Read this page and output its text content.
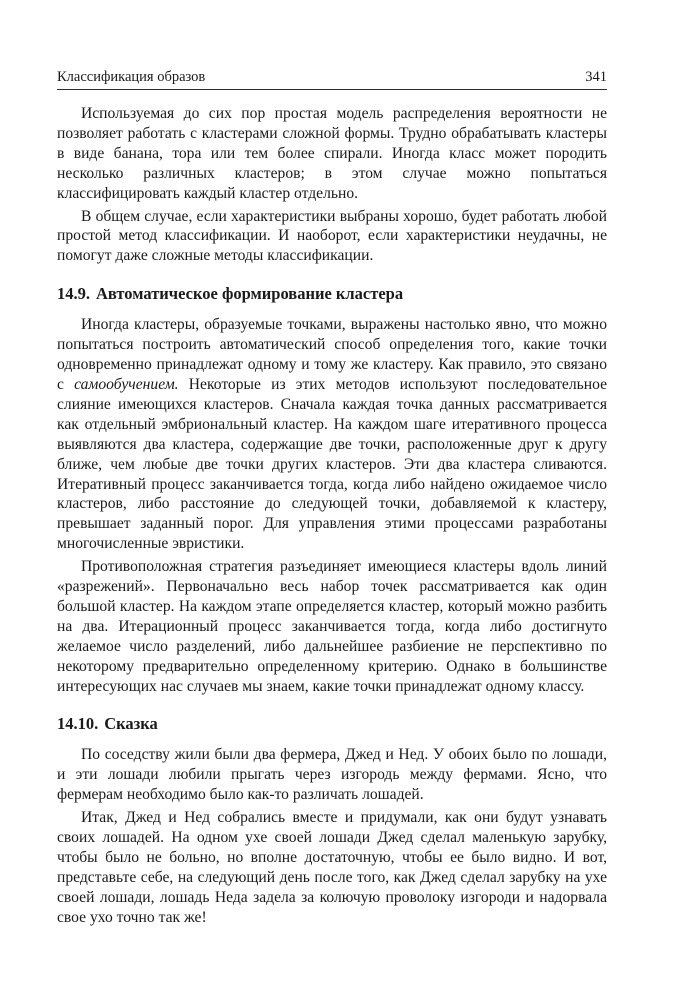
Классификация образов	341

Используемая до сих пор простая модель распределения вероятности не позволяет работать с кластерами сложной формы. Трудно обрабатывать кластеры в виде банана, тора или тем более спирали. Иногда класс может породить несколько различных кластеров; в этом случае можно попытаться классифицировать каждый кластер отдельно.

В общем случае, если характеристики выбраны хорошо, будет работать любой простой метод классификации. И наоборот, если характеристики неудачны, не помогут даже сложные методы классификации.

14.9. Автоматическое формирование кластера

Иногда кластеры, образуемые точками, выражены настолько явно, что можно попытаться построить автоматический способ определения того, какие точки одновременно принадлежат одному и тому же кластеру. Как правило, это связано с самообучением. Некоторые из этих методов используют последовательное слияние имеющихся кластеров. Сначала каждая точка данных рассматривается как отдельный эмбриональный кластер. На каждом шаге итеративного процесса выявляются два кластера, содержащие две точки, расположенные друг к другу ближе, чем любые две точки других кластеров. Эти два кластера сливаются. Итеративный процесс заканчивается тогда, когда либо найдено ожидаемое число кластеров, либо расстояние до следующей точки, добавляемой к кластеру, превышает заданный порог. Для управления этими процессами разработаны многочисленные эвристики.

Противоположная стратегия разъединяет имеющиеся кластеры вдоль линий «разрежений». Первоначально весь набор точек рассматривается как один большой кластер. На каждом этапе определяется кластер, который можно разбить на два. Итерационный процесс заканчивается тогда, когда либо достигнуто желаемое число разделений, либо дальнейшее разбиение не перспективно по некоторому предварительно определенному критерию. Однако в большинстве интересующих нас случаев мы знаем, какие точки принадлежат одному классу.

14.10. Сказка

По соседству жили были два фермера, Джед и Нед. У обоих было по лошади, и эти лошади любили прыгать через изгородь между фермами. Ясно, что фермерам необходимо было как-то различать лошадей.

Итак, Джед и Нед собрались вместе и придумали, как они будут узнавать своих лошадей. На одном ухе своей лошади Джед сделал маленькую зарубку, чтобы было не больно, но вполне достаточную, чтобы ее было видно. И вот, представьте себе, на следующий день после того, как Джед сделал зарубку на ухе своей лошади, лошадь Неда задела за колючую проволоку изгороди и надорвала свое ухо точно так же!
